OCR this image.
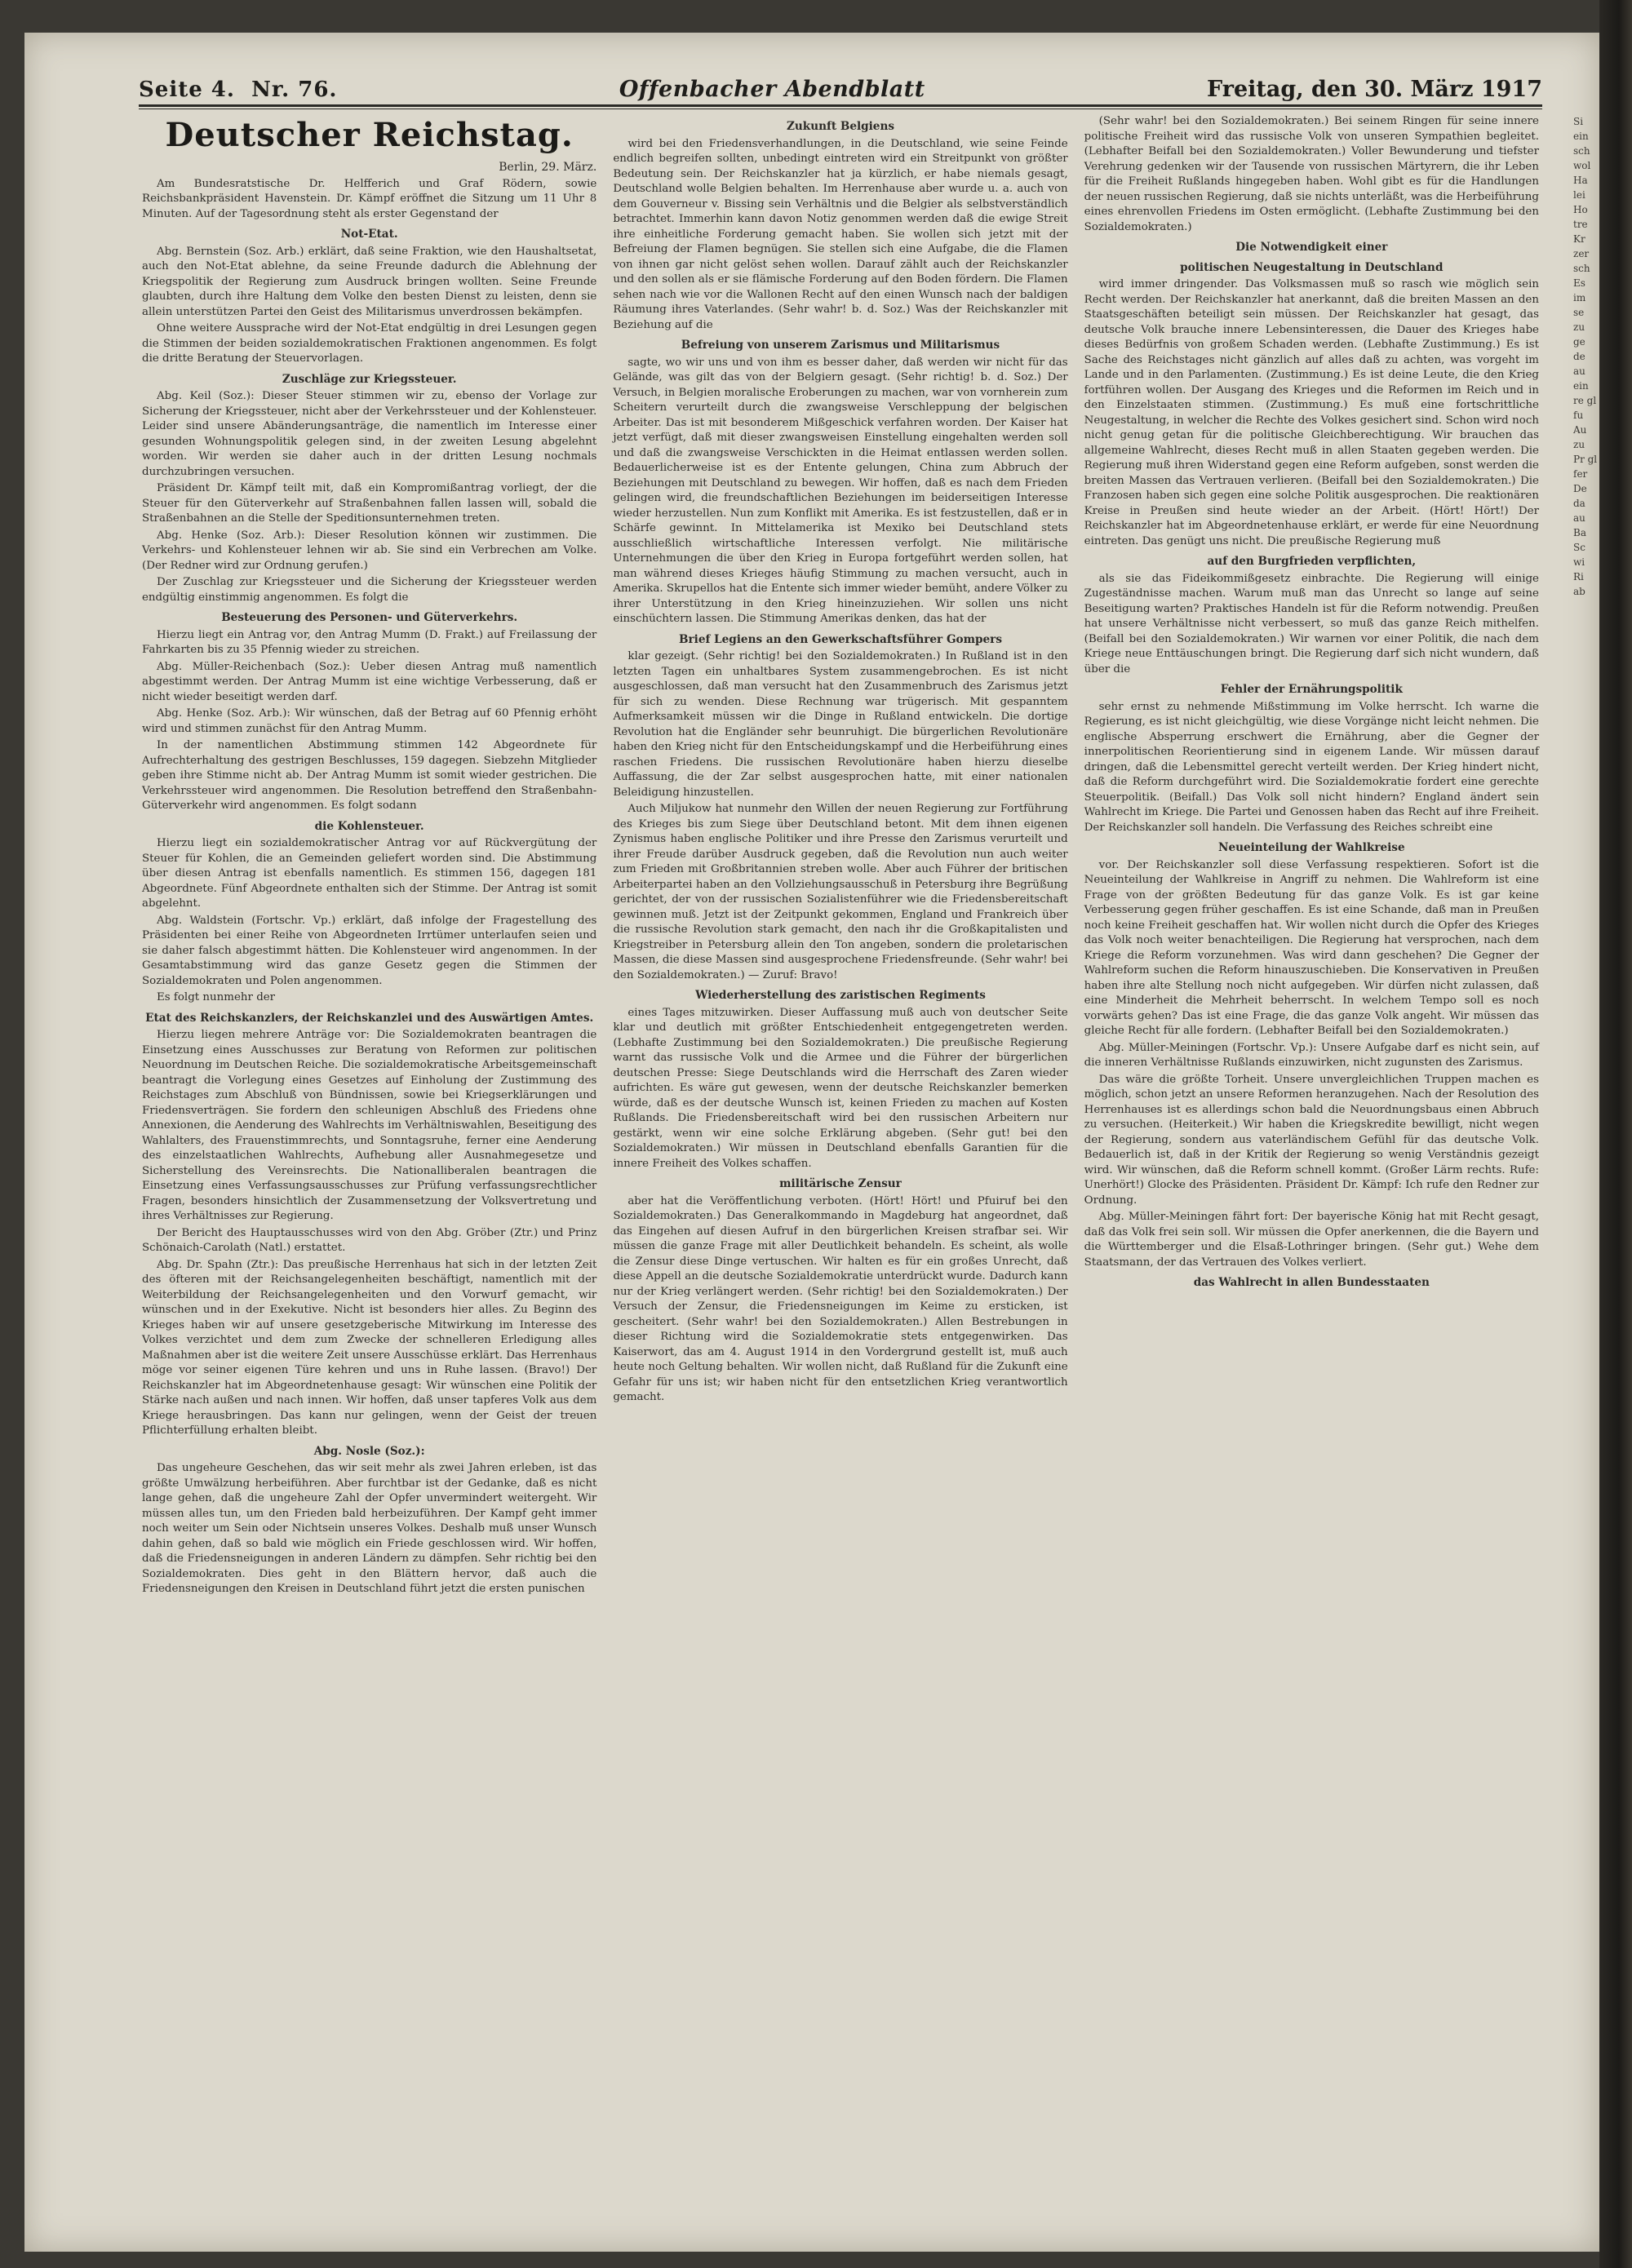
Seite 4. Nr. 76.	Offenbacher Abendblatt	Freitag, den 30. März 1917
Deutscher Reichstag.
Berlin, 29. März.

Am Bundesratstische Dr. Helfferich und Graf Rödern, sowie Reichsbankpräsident Havenstein. Dr. Kämpf eröffnet die Sitzung um 11 Uhr 8 Minuten. Auf der Tagesordnung steht als erster Gegenstand der

Not-Etat.

Abg. Bernstein (Soz. Arb.) erklärt, daß seine Fraktion, wie den Haushaltsetat, auch den Not-Etat ablehne, da seine Freunde dadurch die Ablehnung der Kriegspolitik der Regierung zum Ausdruck bringen wollten. Seine Freunde glaubten, durch ihre Haltung dem Volke den besten Dienst zu leisten, denn sie allein unterstützen Partei den Geist des Militarismus unverdrossen bekämpfen.

Ohne weitere Aussprache wird der Not-Etat endgültig in drei Lesungen gegen die Stimmen der beiden sozialdemokratischen Fraktionen angenommen. Es folgt die dritte Beratung der Steuervorlagen.

Zuschläge zur Kriegssteuer.

Abg. Keil (Soz.): Dieser Steuer stimmen wir zu, ebenso der Vorlage zur Sicherung der Kriegssteuer, nicht aber der Verkehrssteuer und der Kohlensteuer. Leider sind unsere Abänderungsanträge, die namentlich im Interesse einer gesunden Wohnungspolitik gelegen sind, in der zweiten Lesung abgelehnt worden. Wir werden sie daher auch in der dritten Lesung nochmals durchzubringen versuchen.

Präsident Dr. Kämpf teilt mit, daß ein Kompromißantrag vorliegt, der die Steuer für den Güterverkehr auf Straßenbahnen fallen lassen will, sobald die Straßenbahnen an die Stelle der Speditionsunternehmen treten.

Abg. Henke (Soz. Arb.): Dieser Resolution können wir zustimmen. Die Verkehrs- und Kohlensteuer lehnen wir ab. Sie sind ein Verbrechen am Volke. (Der Redner wird zur Ordnung gerufen.)

Der Zuschlag zur Kriegssteuer und die Sicherung der Kriegssteuer werden endgültig einstimmig angenommen. Es folgt die

Besteuerung des Personen- und Güterverkehrs.

Hierzu liegt ein Antrag vor, den Antrag Mumm (D. Frakt.) auf Freilassung der Fahrkarten bis zu 35 Pfennig wieder zu streichen.

Abg. Müller-Reichenbach (Soz.): Ueber diesen Antrag muß namentlich abgestimmt werden. Der Antrag Mumm ist eine wichtige Verbesserung, daß er nicht wieder beseitigt werden darf.

Abg. Henke (Soz. Arb.): Wir wünschen, daß der Betrag auf 60 Pfennig erhöht wird und stimmen zunächst für den Antrag Mumm.

In der namentlichen Abstimmung stimmen 142 Abgeordnete für Aufrechterhaltung des gestrigen Beschlusses, 159 dagegen. Siebzehn Mitglieder geben ihre Stimme nicht ab. Der Antrag Mumm ist somit wieder gestrichen. Die Verkehrssteuer wird angenommen. Die Resolution betreffend den Straßenbahn-Güterverkehr wird angenommen. Es folgt sodann

die Kohlensteuer.

Hierzu liegt ein sozialdemokratischer Antrag vor auf Rückvergütung der Steuer für Kohlen, die an Gemeinden geliefert worden sind. Die Abstimmung über diesen Antrag ist ebenfalls namentlich. Es stimmen 156, dagegen 181 Abgeordnete. Fünf Abgeordnete enthalten sich der Stimme. Der Antrag ist somit abgelehnt.

Abg. Waldstein (Fortschr. Vp.) erklärt, daß infolge der Fragestellung des Präsidenten bei einer Reihe von Abgeordneten Irrtümer unterlaufen seien und sie daher falsch abgestimmt hätten. Die Kohlensteuer wird angenommen. In der Gesamtabstimmung wird das ganze Gesetz gegen die Stimmen der Sozialdemokraten und Polen angenommen.

Es folgt nunmehr der

Etat des Reichskanzlers, der Reichskanzlei und des Auswärtigen Amtes.

Hierzu liegen mehrere Anträge vor: Die Sozialdemokraten beantragen die Einsetzung eines Ausschusses zur Beratung von Reformen zur politischen Neuordnung im Deutschen Reiche. Die sozialdemokratische Arbeitsgemeinschaft beantragt die Vorlegung eines Gesetzes auf Einholung der Zustimmung des Reichstages zum Abschluß von Bündnissen, sowie bei Kriegserklärungen und Friedensverträgen. Sie fordern den schleunigen Abschluß des Friedens ohne Annexionen, die Aenderung des Wahlrechts im Verhältniswahlen, Beseitigung des Wahlalters, des Frauenstimmrechts, und Sonntagsruhe, ferner eine Aenderung des einzelstaatlichen Wahlrechts, Aufhebung aller Ausnahmegesetze und Sicherstellung des Vereinsrechts. Die Nationalliberalen beantragen die Einsetzung eines Verfassungsausschusses zur Prüfung verfassungsrechtlicher Fragen, besonders hinsichtlich der Zusammensetzung der Volksvertretung und ihres Verhältnisses zur Regierung.

Der Bericht des Hauptausschusses wird von den Abg. Gröber (Ztr.) und Prinz Schönaich-Carolath (Natl.) erstattet.

Abg. Dr. Spahn (Ztr.): Das preußische Herrenhaus hat sich in der letzten Zeit des öfteren mit der Reichsangelegenheiten beschäftigt, namentlich mit der Weiterbildung der Reichsangelegenheiten und den Vorwurf gemacht, wir wünschen und in der Exekutive. Nicht ist besonders hier alles. Zu Beginn des Krieges haben wir auf unsere gesetzgeberische Mitwirkung im Interesse des Volkes verzichtet und dem zum Zwecke der schnelleren Erledigung alles Maßnahmen aber ist die weitere Zeit unsere Ausschüsse erklärt. Das Herrenhaus möge vor seiner eigenen Türe kehren und uns in Ruhe lassen. (Bravo!) Der Reichskanzler hat im Abgeordnetenhause gesagt: Wir wünschen eine Politik der Stärke nach außen und nach innen. Wir hoffen, daß unser tapferes Volk aus dem Kriege herausbringen. Das kann nur gelingen, wenn der Geist der treuen Pflichterfüllung erhalten bleibt.

Abg. Nosle (Soz.):

Das ungeheure Geschehen, das wir seit mehr als zwei Jahren erleben, ist das größte Umwälzung herbeiführen. Aber furchtbar ist der Gedanke, daß es nicht lange gehen, daß die ungeheure Zahl der Opfer unvermindert weitergeht. Wir müssen alles tun, um den Frieden bald herbeizuführen. Der Kampf geht immer noch weiter um Sein oder Nichtsein unseres Volkes. Deshalb muß unser Wunsch dahin gehen, daß so bald wie möglich ein Friede geschlossen wird. Wir hoffen, daß die Friedensneigungen in anderen Ländern zu dämpfen. Sehr richtig bei den Sozialdemokraten. Dies geht in den Blättern hervor, daß auch die Friedensneigungen den Kreisen in Deutschland führt jetzt die ersten punischen

Zukunft Belgiens

wird bei den Friedensverhandlungen, in die Deutschland, wie seine Feinde endlich begreifen sollten, unbedingt eintreten wird ein Streitpunkt von größter Bedeutung sein. Der Reichskanzler hat ja kürzlich, er habe niemals gesagt, Deutschland wolle Belgien behalten. Im Herrenhause aber wurde u. a. auch von dem Gouverneur v. Bissing sein Verhältnis und die Belgier als selbstverständlich betrachtet. Immerhin kann davon Notiz genommen werden daß die ewige Streit ihre einheitliche Forderung gemacht haben. Sie wollen sich jetzt mit der Befreiung der Flamen begnügen. Sie stellen sich eine Aufgabe, die die Flamen von ihnen gar nicht gelöst sehen wollen. Darauf zählt auch der Reichskanzler und den sollen als er sie flämische Forderung auf den Boden fördern. Die Flamen sehen nach wie vor die Wallonen Recht auf den einen Wunsch nach der baldigen Räumung ihres Vaterlandes. (Sehr wahr! b. d. Soz.) Was der Reichskanzler mit Beziehung auf die

Befreiung von unserem Zarismus und Militarismus

sagte, wo wir uns und von ihm es besser daher, daß werden wir nicht für das Gelände, was gilt das von der Belgiern gesagt. (Sehr richtig! b. d. Soz.) Der Versuch, in Belgien moralische Eroberungen zu machen, war von vornherein zum Scheitern verurteilt durch die zwangsweise Verschleppung der belgischen Arbeiter. Das ist mit besonderem Mißgeschick verfahren worden. Der Kaiser hat jetzt verfügt, daß mit dieser zwangsweisen Einstellung eingehalten werden soll und daß die zwangsweise Verschickten in die Heimat entlassen werden sollen. Bedauerlicherweise ist es der Entente gelungen, China zum Abbruch der Beziehungen mit Deutschland zu bewegen. Wir hoffen, daß es nach dem Frieden gelingen wird, die freundschaftlichen Beziehungen im beiderseitigen Interesse wieder herzustellen. Nun zum Konflikt mit Amerika. Es ist festzustellen, daß er in Schärfe gewinnt. In Mittelamerika ist Mexiko bei Deutschland stets ausschließlich wirtschaftliche Interessen verfolgt. Nie militärische Unternehmungen die über den Krieg in Europa fortgeführt werden sollen, hat man während dieses Krieges häufig Stimmung zu machen versucht, auch in Amerika. Skrupellos hat die Entente sich immer wieder bemüht, andere Völker zu ihrer Unterstützung in den Krieg hineinzuziehen. Wir sollen uns nicht einschüchtern lassen. Die Stimmung Amerikas denken, das hat der

Brief Legiens an den Gewerkschaftsführer Gompers

klar gezeigt. (Sehr richtig! bei den Sozialdemokraten.) In Rußland ist in den letzten Tagen ein unhaltbares System zusammengebrochen. Es ist nicht ausgeschlossen, daß man versucht hat den Zusammenbruch des Zarismus jetzt für sich zu wenden. Diese Rechnung war trügerisch. Mit gespanntem Aufmerksamkeit müssen wir die Dinge in Rußland entwickeln. Die dortige Revolution hat die Engländer sehr beunruhigt. Die bürgerlichen Revolutionäre haben den Krieg nicht für den Entscheidungskampf und die Herbeiführung eines raschen Friedens. Die russischen Revolutionäre haben hierzu dieselbe Auffassung, die der Zar selbst ausgesprochen hatte, mit einer nationalen Beleidigung hinzustellen.

Auch Miljukow hat nunmehr den Willen der neuen Regierung zur Fortführung des Krieges bis zum Siege über Deutschland betont. Mit dem ihnen eigenen Zynismus haben englische Politiker und ihre Presse den Zarismus verurteilt und ihrer Freude darüber Ausdruck gegeben, daß die Revolution nun auch weiter zum Frieden mit Großbritannien streben wolle. Aber auch Führer der britischen Arbeiterpartei haben an den Vollziehungsausschuß in Petersburg ihre Begrüßung gerichtet, der von der russischen Sozialistenführer wie die Friedensbereitschaft gewinnen muß. Jetzt ist der Zeitpunkt gekommen, England und Frankreich über die russische Revolution stark gemacht, den nach ihr die Großkapitalisten und Kriegstreiber in Petersburg allein den Ton angeben, sondern die proletarischen Massen, die diese Massen sind ausgesprochene Friedensfreunde. (Sehr wahr! bei den Sozialdemokraten.) — Zuruf: Bravo!

Wiederherstellung des zaristischen Regiments

eines Tages mitzuwirken. Dieser Auffassung muß auch von deutscher Seite klar und deutlich mit größter Entschiedenheit entgegengetreten werden. (Lebhafte Zustimmung bei den Sozialdemokraten.) Die preußische Regierung warnt das russische Volk und die Armee und die Führer der bürgerlichen deutschen Presse: Siege Deutschlands wird die Herrschaft des Zaren wieder aufrichten. Es wäre gut gewesen, wenn der deutsche Reichskanzler bemerken würde, daß es der deutsche Wunsch ist, keinen Frieden zu machen auf Kosten Rußlands. Die Friedensbereitschaft wird bei den russischen Arbeitern nur gestärkt, wenn wir eine solche Erklärung abgeben. (Sehr gut! bei den Sozialdemokraten.) Wir müssen in Deutschland ebenfalls Garantien für die innere Freiheit des Volkes schaffen.

militärische Zensur

aber hat die Veröffentlichung verboten. (Hört! Hört! und Pfuiruf bei den Sozialdemokraten.) Das Generalkommando in Magdeburg hat angeordnet, daß das Eingehen auf diesen Aufruf in den bürgerlichen Kreisen strafbar sei. Wir müssen die ganze Frage mit aller Deutlichkeit behandeln. Es scheint, als wolle die Zensur diese Dinge vertuschen. Wir halten es für ein großes Unrecht, daß diese Appell an die deutsche Sozialdemokratie unterdrückt wurde. Dadurch kann nur der Krieg verlängert werden. (Sehr richtig! bei den Sozialdemokraten.) Der Versuch der Zensur, die Friedensneigungen im Keime zu ersticken, ist gescheitert. (Sehr wahr! bei den Sozialdemokraten.) Allen Bestrebungen in dieser Richtung wird die Sozialdemokratie stets entgegenwirken. Das Kaiserwort, das am 4. August 1914 in den Vordergrund gestellt ist, muß auch heute noch Geltung behalten. Wir wollen nicht, daß Rußland für die Zukunft eine Gefahr für uns ist; wir haben nicht für den entsetzlichen Krieg verantwortlich gemacht.

(Sehr wahr! bei den Sozialdemokraten.) Bei seinem Ringen für seine innere politische Freiheit wird das russische Volk von unseren Sympathien begleitet. (Lebhafter Beifall bei den Sozialdemokraten.) Voller Bewunderung und tiefster Verehrung gedenken wir der Tausende von russischen Märtyrern, die ihr Leben für die Freiheit Rußlands hingegeben haben. Wohl gibt es für die Handlungen der neuen russischen Regierung, daß sie nichts unterläßt, was die Herbeiführung eines ehrenvollen Friedens im Osten ermöglicht. (Lebhafte Zustimmung bei den Sozialdemokraten.)

Die Notwendigkeit einer
politischen Neugestaltung in Deutschland

wird immer dringender. Das Volksmassen muß so rasch wie möglich sein Recht werden. Der Reichskanzler hat anerkannt, daß die breiten Massen an den Staatsgeschäften beteiligt sein müssen. Der Reichskanzler hat gesagt, das deutsche Volk brauche innere Lebensinteressen, die Dauer des Krieges habe dieses Bedürfnis von großem Schaden werden. (Lebhafte Zustimmung.) Es ist Sache des Reichstages nicht gänzlich auf alles daß zu achten, was vorgeht im Lande und in den Parlamenten. (Zustimmung.) Es ist deine Leute, die den Krieg fortführen wollen. Der Ausgang des Krieges und die Reformen im Reich und in den Einzelstaaten stimmen. (Zustimmung.) Es muß eine fortschrittliche Neugestaltung, in welcher die Rechte des Volkes gesichert sind. Schon wird noch nicht genug getan für die politische Gleichberechtigung. Wir brauchen das allgemeine Wahlrecht, dieses Recht muß in allen Staaten gegeben werden. Die Regierung muß ihren Widerstand gegen eine Reform aufgeben, sonst werden die breiten Massen das Vertrauen verlieren. (Beifall bei den Sozialdemokraten.) Die Franzosen haben sich gegen eine solche Politik ausgesprochen. Die reaktionären Kreise in Preußen sind heute wieder an der Arbeit. (Hört! Hört!) Der Reichskanzler hat im Abgeordnetenhause erklärt, er werde für eine Neuordnung eintreten. Das genügt uns nicht. Die preußische Regierung muß

auf den Burgfrieden verpflichten,

als sie das Fideikommißgesetz einbrachte. Die Regierung will einige Zugeständnisse machen. Warum muß man das Unrecht so lange auf seine Beseitigung warten? Praktisches Handeln ist für die Reform notwendig. Preußen hat unsere Verhältnisse nicht verbessert, so muß das ganze Reich mithelfen. (Beifall bei den Sozialdemokraten.) Wir warnen vor einer Politik, die nach dem Kriege neue Enttäuschungen bringt. Die Regierung darf sich nicht wundern, daß über die

Fehler der Ernährungspolitik

sehr ernst zu nehmende Mißstimmung im Volke herrscht. Ich warne die Regierung, es ist nicht gleichgültig, wie diese Vorgänge nicht leicht nehmen. Die englische Absperrung erschwert die Ernährung, aber die Gegner der innerpolitischen Reorientierung sind in eigenem Lande. Wir müssen darauf dringen, daß die Lebensmittel gerecht verteilt werden. Der Krieg hindert nicht, daß die Reform durchgeführt wird. Die Sozialdemokratie fordert eine gerechte Steuerpolitik. (Beifall.) Das Volk soll nicht hindern? England ändert sein Wahlrecht im Kriege. Die Partei und Genossen haben das Recht auf ihre Freiheit. Der Reichskanzler soll handeln. Die Verfassung des Reiches schreibt eine

Neueinteilung der Wahlkreise

vor. Der Reichskanzler soll diese Verfassung respektieren. Sofort ist die Neueinteilung der Wahlkreise in Angriff zu nehmen. Die Wahlreform ist eine Frage von der größten Bedeutung für das ganze Volk. Es ist gar keine Verbesserung gegen früher geschaffen. Es ist eine Schande, daß man in Preußen noch keine Freiheit geschaffen hat. Wir wollen nicht durch die Opfer des Krieges das Volk noch weiter benachteiligen. Die Regierung hat versprochen, nach dem Kriege die Reform vorzunehmen. Was wird dann geschehen? Die Gegner der Wahlreform suchen die Reform hinauszuschieben. Die Konservativen in Preußen haben ihre alte Stellung noch nicht aufgegeben. Wir dürfen nicht zulassen, daß eine Minderheit die Mehrheit beherrscht. In welchem Tempo soll es noch vorwärts gehen? Das ist eine Frage, die das ganze Volk angeht. Wir müssen das gleiche Recht für alle fordern. (Lebhafter Beifall bei den Sozialdemokraten.)

Abg. Müller-Meiningen (Fortschr. Vp.): Unsere Aufgabe darf es nicht sein, auf die inneren Verhältnisse Rußlands einzuwirken, nicht zugunsten des Zarismus.

Das wäre die größte Torheit. Unsere unvergleichlichen Truppen machen es möglich, schon jetzt an unsere Reformen heranzugehen. Nach der Resolution des Herrenhauses ist es allerdings schon bald die Neuordnungsbaus einen Abbruch zu versuchen. (Heiterkeit.) Wir haben die Kriegskredite bewilligt, nicht wegen der Regierung, sondern aus vaterländischem Gefühl für das deutsche Volk. Bedauerlich ist, daß in der Kritik der Regierung so wenig Verständnis gezeigt wird. Wir wünschen, daß die Reform schnell kommt. (Großer Lärm rechts. Rufe: Unerhört!) Glocke des Präsidenten. Präsident Dr. Kämpf: Ich rufe den Redner zur Ordnung.

Abg. Müller-Meiningen fährt fort: Der bayerische König hat mit Recht gesagt, daß das Volk frei sein soll. Wir müssen die Opfer anerkennen, die die Bayern und die Württemberger und die Elsaß-Lothringer bringen. (Sehr gut.) Wehe dem Staatsmann, der das Vertrauen des Volkes verliert.

das Wahlrecht in allen Bundesstaaten
Si ein sch wol Ha lei Ho tre Kr zer sch Es im se zu ge de au ein re gl fu Au zu Pr gl fer De da au Ba Sc wi Ri ab
